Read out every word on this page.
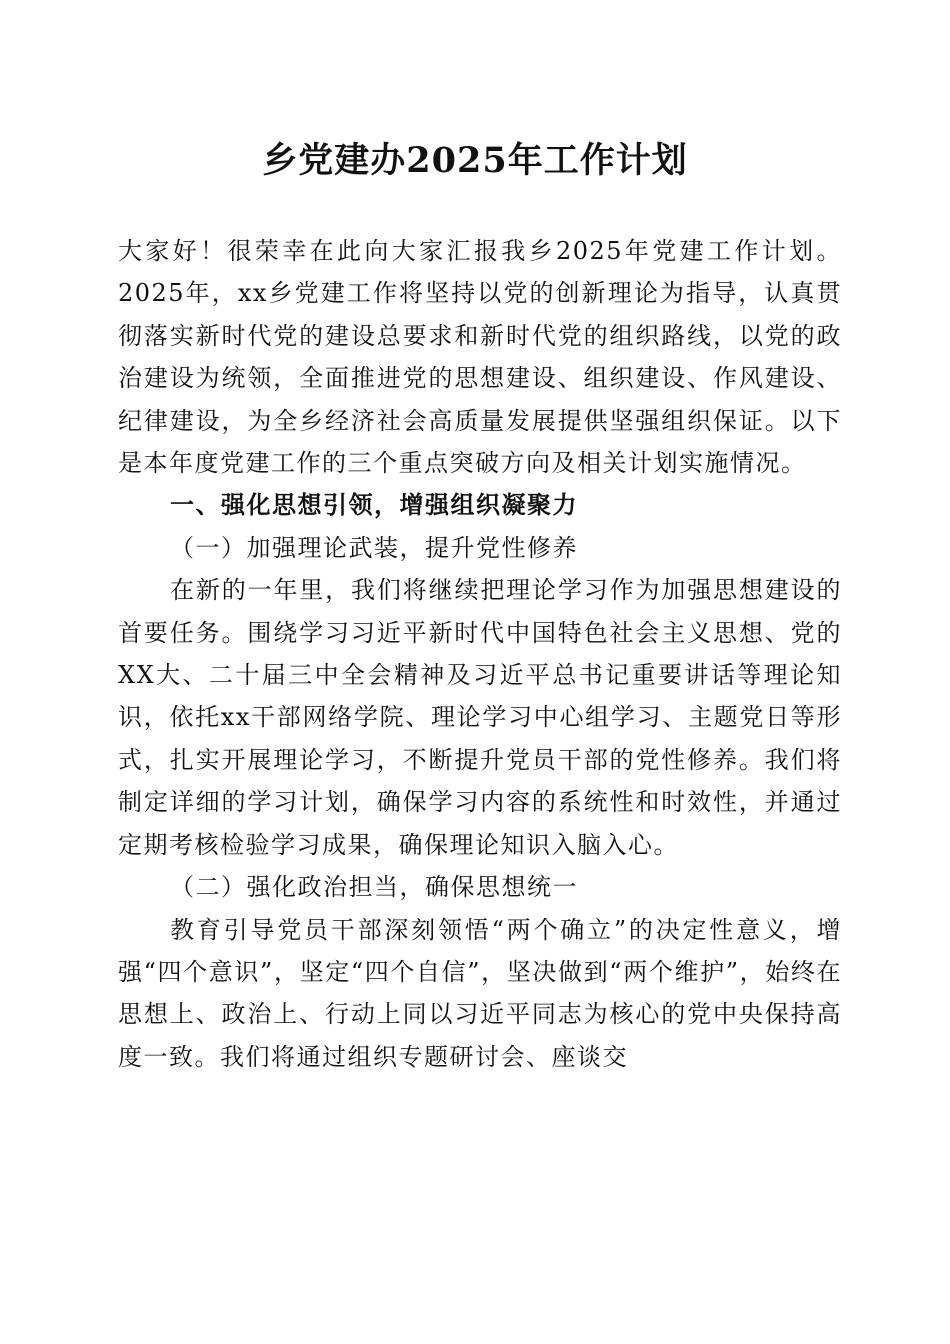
乡党建办2025年工作计划

大家好！很荣幸在此向大家汇报我乡2025年党建工作计划。2025年，xx乡党建工作将坚持以党的创新理论为指导，认真贯彻落实新时代党的建设总要求和新时代党的组织路线，以党的政治建设为统领，全面推进党的思想建设、组织建设、作风建设、纪律建设，为全乡经济社会高质量发展提供坚强组织保证。以下是本年度党建工作的三个重点突破方向及相关计划实施情况。

一、强化思想引领，增强组织凝聚力

（一）加强理论武装，提升党性修养

在新的一年里，我们将继续把理论学习作为加强思想建设的首要任务。围绕学习习近平新时代中国特色社会主义思想、党的XX大、二十届三中全会精神及习近平总书记重要讲话等理论知识，依托xx干部网络学院、理论学习中心组学习、主题党日等形式，扎实开展理论学习，不断提升党员干部的党性修养。我们将制定详细的学习计划，确保学习内容的系统性和时效性，并通过定期考核检验学习成果，确保理论知识入脑入心。

（二）强化政治担当，确保思想统一

教育引导党员干部深刻领悟“两个确立”的决定性意义，增强“四个意识”，坚定“四个自信”，坚决做到“两个维护”，始终在思想上、政治上、行动上同以习近平同志为核心的党中央保持高度一致。我们将通过组织专题研讨会、座谈交
